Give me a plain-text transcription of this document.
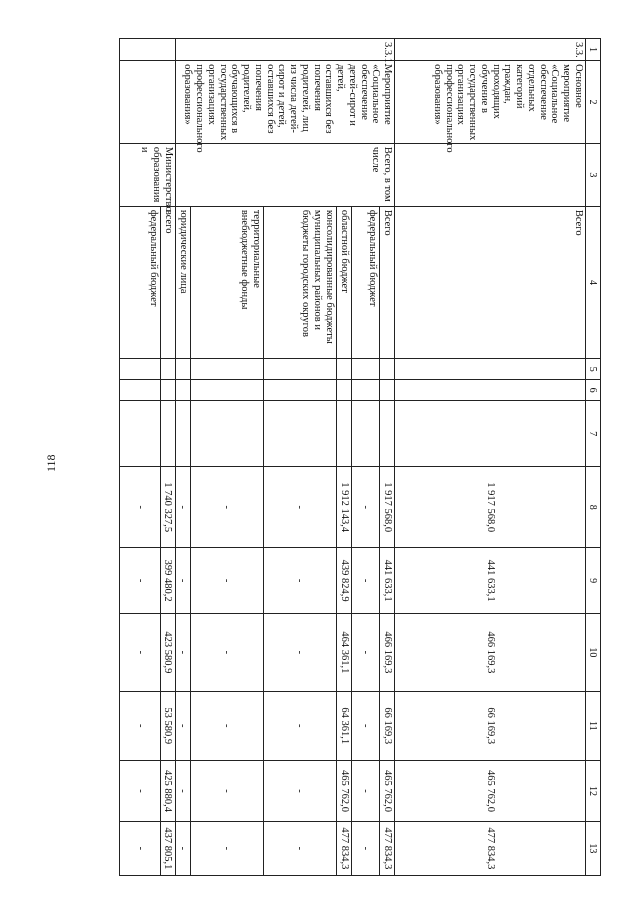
118
1	2	3	4	5	6	7	8	9	10	11	12	13
3.3.	Основное мероприятие «Социальное обеспечение отдельных категорий граждан, проходящих обучение в государственных организациях профессионального образования»		Всего				1 917 568,0	441 633,1	466 169,3	66 169,3	465 762,0	477 834,3
3.3.1.	Мероприятие «Социальное обеспечение детей-сирот и детей, оставшихся без попечения родителей, лиц из числа детей-сирот и детей, оставшихся без попечения родителей, обучающихся в государственных организациях профессионального образования»	Всего, в том числе	Всего				1 917 568,0	441 633,1	466 169,3	66 169,3	465 762,0	477 834,3
			федеральный бюджет				-	-	-	-	-	-
			областной бюджет				1 912 143,4	439 824,9	464 361,1	64 361,1	465 762,0	477 834,3
			консолидированные бюджеты муниципальных районов и бюджеты городских округов				-	-	-	-	-	-
			территориальные внебюджетные фонды				-	-	-	-	-	-
			юридические лица				-	-	-	-	-	-
		Министерство образования и	всего				1 740 327,5	399 480,2	423 580,9	53 580,9	425 880,4	437 805,1
			федеральный бюджет				-	-	-	-	-	-
